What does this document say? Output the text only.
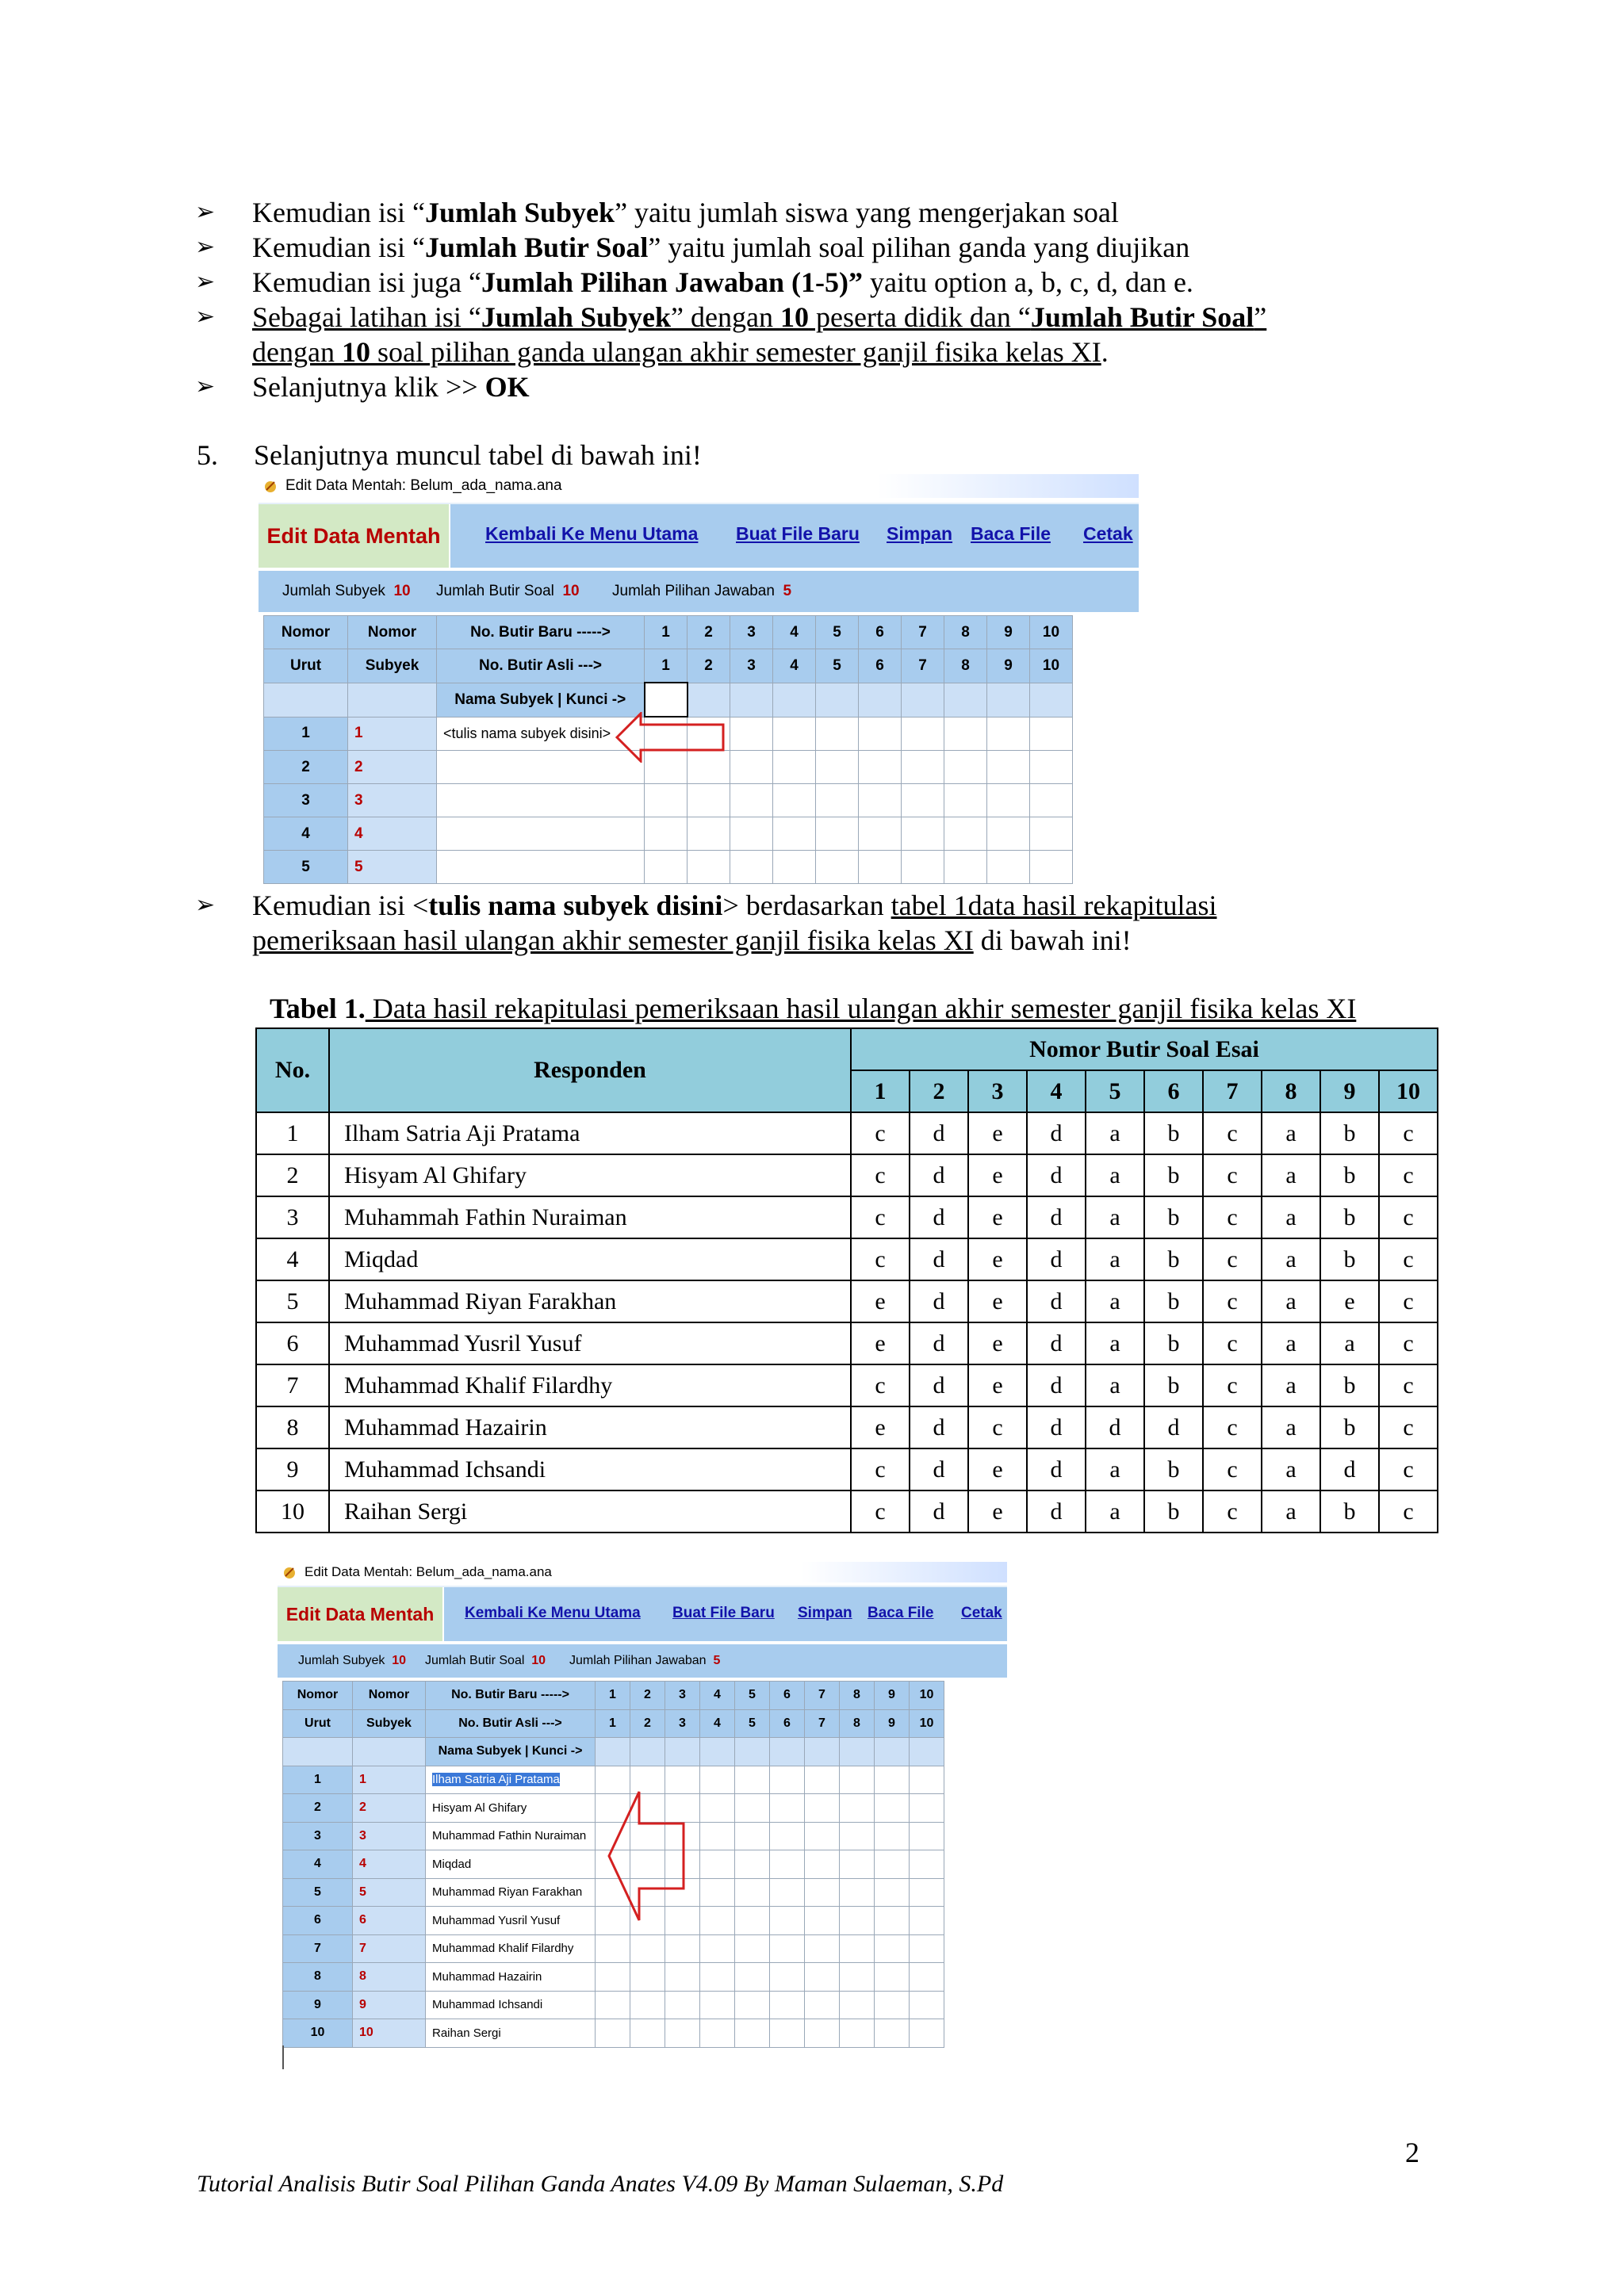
➢ Kemudian isi “Jumlah Subyek” yaitu jumlah siswa yang mengerjakan soal
➢ Kemudian isi “Jumlah Butir Soal” yaitu jumlah soal pilihan ganda yang diujikan
➢ Kemudian isi juga “Jumlah Pilihan Jawaban (1-5)” yaitu option a, b, c, d, dan e.
➢ Sebagai latihan isi “Jumlah Subyek” dengan 10 peserta didik dan “Jumlah Butir Soal”
dengan 10 soal pilihan ganda ulangan akhir semester ganjil fisika kelas XI.
➢ Selanjutnya klik >> OK
5. Selanjutnya muncul tabel di bawah ini!
Edit Data Mentah: Belum_ada_nama.ana
Edit Data Mentah	Kembali Ke Menu Utama Buat File Baru Simpan Baca File Cetak
Jumlah Subyek 10 Jumlah Butir Soal 10 Jumlah Pilihan Jawaban 5
Nomor	Nomor	No. Butir Baru ----->	1	2	3	4	5	6	7	8	9	10
Urut	Subyek	No. Butir Asli --->	1	2	3	4	5	6	7	8	9	10
		Nama Subyek | Kunci ->										
1	1	<tulis nama subyek disini>										
2	2											
3	3											
4	4											
5	5											
➢ Kemudian isi <tulis nama subyek disini> berdasarkan tabel 1data hasil rekapitulasi
pemeriksaan hasil ulangan akhir semester ganjil fisika kelas XI di bawah ini!
Tabel 1. Data hasil rekapitulasi pemeriksaan hasil ulangan akhir semester ganjil fisika kelas XI
No.	Responden	Nomor Butir Soal Esai									
		1	2	3	4	5	6	7	8	9	10
1	Ilham Satria Aji Pratama	c	d	e	d	a	b	c	a	b	c
2	Hisyam Al Ghifary	c	d	e	d	a	b	c	a	b	c
3	Muhammah Fathin Nuraiman	c	d	e	d	a	b	c	a	b	c
4	Miqdad	c	d	e	d	a	b	c	a	b	c
5	Muhammad Riyan Farakhan	e	d	e	d	a	b	c	a	e	c
6	Muhammad Yusril Yusuf	e	d	e	d	a	b	c	a	a	c
7	Muhammad Khalif Filardhy	c	d	e	d	a	b	c	a	b	c
8	Muhammad Hazairin	e	d	c	d	d	d	c	a	b	c
9	Muhammad Ichsandi	c	d	e	d	a	b	c	a	d	c
10	Raihan Sergi	c	d	e	d	a	b	c	a	b	c
Edit Data Mentah: Belum_ada_nama.ana
Edit Data Mentah	Kembali Ke Menu Utama Buat File Baru Simpan Baca File Cetak
Jumlah Subyek 10 Jumlah Butir Soal 10 Jumlah Pilihan Jawaban 5
Nomor	Nomor	No. Butir Baru ----->	1	2	3	4	5	6	7	8	9	10
Urut	Subyek	No. Butir Asli --->	1	2	3	4	5	6	7	8	9	10
		Nama Subyek | Kunci ->										
1	1	Ilham Satria Aji Pratama										
2	2	Hisyam Al Ghifary										
3	3	Muhammad Fathin Nuraiman										
4	4	Miqdad										
5	5	Muhammad Riyan Farakhan										
6	6	Muhammad Yusril Yusuf										
7	7	Muhammad Khalif Filardhy										
8	8	Muhammad Hazairin										
9	9	Muhammad Ichsandi										
10	10	Raihan Sergi										
2
Tutorial Analisis Butir Soal Pilihan Ganda Anates V4.09 By Maman Sulaeman, S.Pd
